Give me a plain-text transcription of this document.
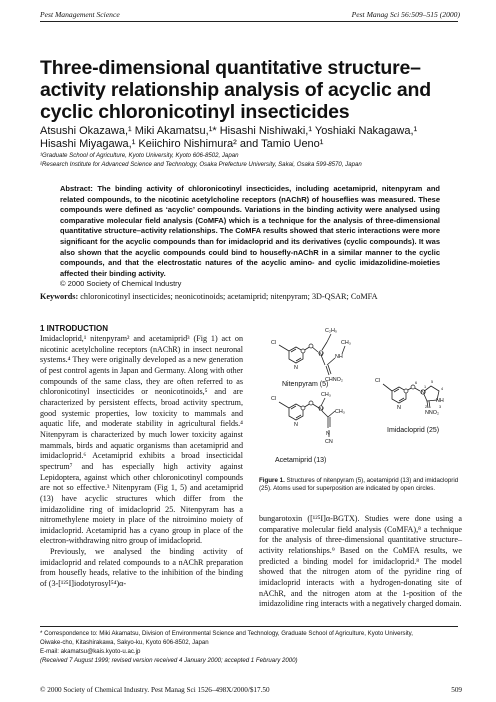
Pest Management Science	Pest Manag Sci 56:509–515 (2000)
Three-dimensional quantitative structure–activity relationship analysis of acyclic and cyclic chloronicotinyl insecticides
Atsushi Okazawa,¹ Miki Akamatsu,¹* Hisashi Nishiwaki,¹ Yoshiaki Nakagawa,¹
Hisashi Miyagawa,¹ Keiichiro Nishimura² and Tamio Ueno¹
¹Graduate School of Agriculture, Kyoto University, Kyoto 606-8502, Japan
²Research Institute for Advanced Science and Technology, Osaka Prefecture University, Sakai, Osaka 599-8570, Japan
Abstract: The binding activity of chloronicotinyl insecticides, including acetamiprid, nitenpyram and related compounds, to the nicotinic acetylcholine receptors (nAChR) of houseflies was measured. These compounds were defined as ‘acyclic’ compounds. Variations in the binding activity were analysed using comparative molecular field analysis (CoMFA) which is a technique for the analysis of three-dimensional quantitative structure–activity relationships. The CoMFA results showed that steric interactions were more significant for the acyclic compounds than for imidacloprid and its derivatives (cyclic compounds). It was also shown that the acyclic compounds could bind to housefly-nAChR in a similar manner to the cyclic compounds, and that the electrostatic natures of the acyclic amino- and cyclic imidazolidine-moieties affected their binding activity.
© 2000 Society of Chemical Industry
Keywords: chloronicotinyl insecticides; neonicotinoids; acetamiprid; nitenpyram; 3D-QSAR; CoMFA
1 INTRODUCTION

Imidacloprid,¹ nitenpyram² and acetamiprid³ (Fig 1) act on nicotinic acetylcholine receptors (nAChR) in insect neuronal systems.⁴ They were originally developed as a new generation of pest control agents in Japan and Germany. Along with other compounds of the same class, they are often referred to as chloronicotinyl insecticides or neonicotinoids,⁵ and are characterized by persistent effects, broad activity spectrum, good systemic properties, low toxicity to mammals and aquatic life, and moderate stability in agricultural fields.⁴ Nitenpyram is characterized by much lower toxicity against mammals, birds and aquatic organisms than acetamiprid and imidacloprid.⁶ Acetamiprid exhibits a broad insecticidal spectrum⁷ and has especially high activity against Lepidoptera, against which other chloronicotinyl compounds are not so effective.³ Nitenpyram (Fig 1, 5) and acetamiprid (13) have acyclic structures which differ from the imidazolidine ring of imidacloprid 25. Nitenpyram has a nitromethylene moiety in place of the nitroimino moiety of imidacloprid. Acetamiprid has a cyano group in place of the electron-withdrawing nitro group of imidacloprid.

Previously, we analysed the binding activity of imidacloprid and related compounds to a nAChR preparation from housefly heads, relative to the inhibition of the binding of (3-[¹²⁵I]iodotyrosyl⁵⁴)α-

Cl
N
N
C₂H₅
NH
CH₃
CHNO₂
Cl
N
N
CH₃
CH₃
N
CN
Cl
N
N
NH
NNO₂
1
2	3
4
5
6
Nitenpyram (5)
Acetamiprid (13)
Imidacloprid (25)
Figure 1. Structures of nitenpyram (5), acetamiprid (13) and imidacloprid (25). Atoms used for superposition are indicated by open circles.

bungarotoxin ([¹²⁵I]α-BGTX). Studies were done using a comparative molecular field analysis (CoMFA),⁸ a technique for the analysis of three-dimensional quantitative structure–activity relationships.⁹ Based on the CoMFA results, we predicted a binding model for imidacloprid.⁸ The model showed that the nitrogen atom of the pyridine ring of imidacloprid interacts with a hydrogen-donating site of nAChR, and the nitrogen atom at the 1-position of the imidazolidine ring interacts with a negatively charged domain.

* Correspondence to: Miki Akamatsu, Division of Environmental Science and Technology, Graduate School of Agriculture, Kyoto University,
Oiwake-cho, Kitashirakawa, Sakyo-ku, Kyoto 606-8502, Japan
E-mail: akamatsu@kais.kyoto-u.ac.jp
(Received 7 August 1999; revised version received 4 January 2000; accepted 1 February 2000)
© 2000 Society of Chemical Industry. Pest Manag Sci 1526–498X/2000/$17.50	509
